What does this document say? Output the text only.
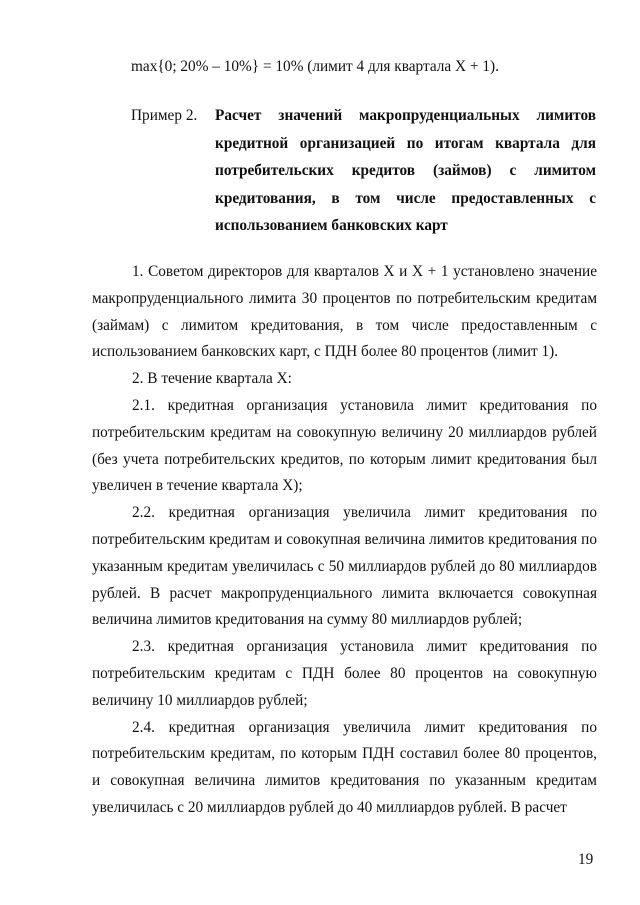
max{0; 20% – 10%} = 10% (лимит 4 для квартала X + 1).
Пример 2. Расчет значений макропруденциальных лимитов кредитной организацией по итогам квартала для потребительских кредитов (займов) с лимитом кредитования, в том числе предоставленных с использованием банковских карт

1. Советом директоров для кварталов X и X + 1 установлено значение макропруденциального лимита 30 процентов по потребительским кредитам (займам) с лимитом кредитования, в том числе предоставленным с использованием банковских карт, с ПДН более 80 процентов (лимит 1).

2. В течение квартала X:

2.1. кредитная организация установила лимит кредитования по потребительским кредитам на совокупную величину 20 миллиардов рублей (без учета потребительских кредитов, по которым лимит кредитования был увеличен в течение квартала X);

2.2. кредитная организация увеличила лимит кредитования по потребительским кредитам и совокупная величина лимитов кредитования по указанным кредитам увеличилась с 50 миллиардов рублей до 80 миллиардов рублей. В расчет макропруденциального лимита включается совокупная величина лимитов кредитования на сумму 80 миллиардов рублей;

2.3. кредитная организация установила лимит кредитования по потребительским кредитам с ПДН более 80 процентов на совокупную величину 10 миллиардов рублей;

2.4. кредитная организация увеличила лимит кредитования по потребительским кредитам, по которым ПДН составил более 80 процентов, и совокупная величина лимитов кредитования по указанным кредитам увеличилась с 20 миллиардов рублей до 40 миллиардов рублей. В расчет

19
